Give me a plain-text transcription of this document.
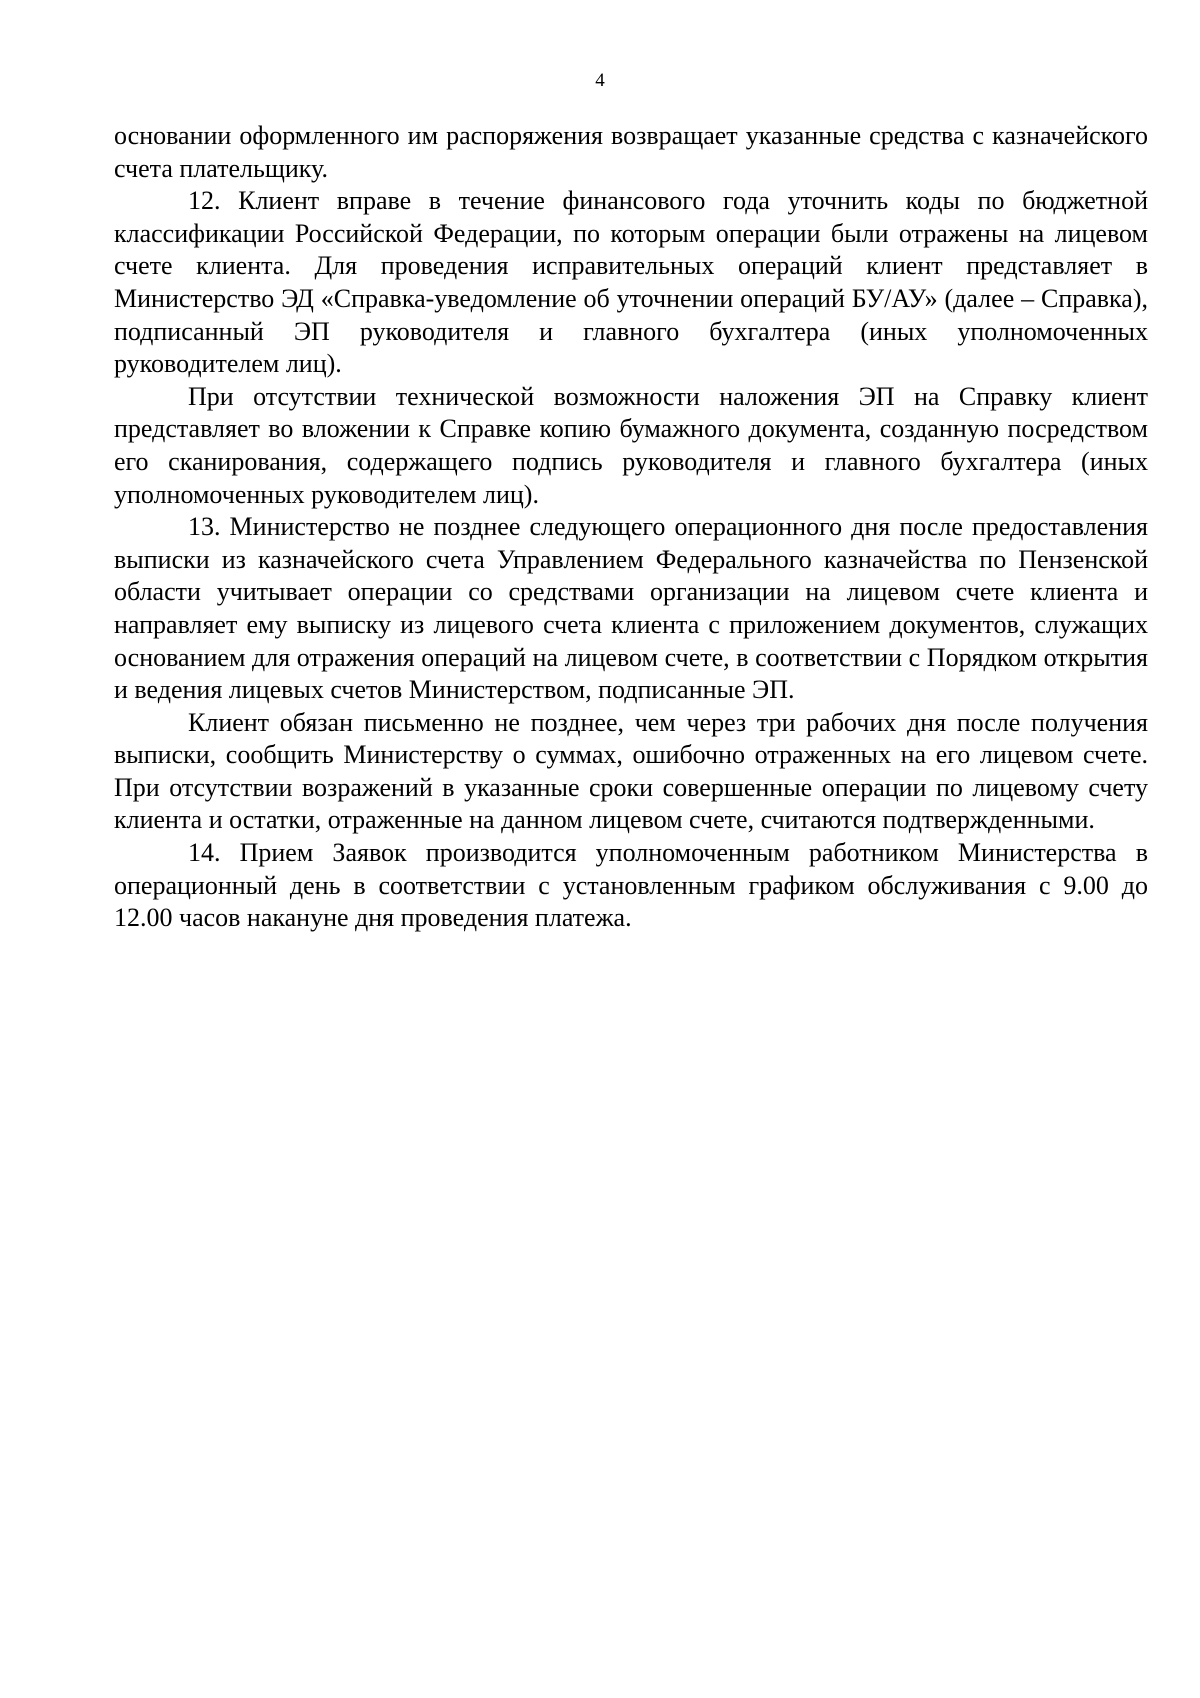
4

основании оформленного им распоряжения возвращает указанные средства с казначейского счета плательщику.

12. Клиент вправе в течение финансового года уточнить коды по бюджетной классификации Российской Федерации, по которым операции были отражены на лицевом счете клиента. Для проведения исправительных операций клиент представляет в Министерство ЭД «Справка-уведомление об уточнении операций БУ/АУ» (далее – Справка), подписанный ЭП руководителя и главного бухгалтера (иных уполномоченных руководителем лиц).

При отсутствии технической возможности наложения ЭП на Справку клиент представляет во вложении к Справке копию бумажного документа, созданную посредством его сканирования, содержащего подпись руководителя и главного бухгалтера (иных уполномоченных руководителем лиц).

13. Министерство не позднее следующего операционного дня после предоставления выписки из казначейского счета Управлением Федерального казначейства по Пензенской области учитывает операции со средствами организации на лицевом счете клиента и направляет ему выписку из лицевого счета клиента с приложением документов, служащих основанием для отражения операций на лицевом счете, в соответствии с Порядком открытия и ведения лицевых счетов Министерством, подписанные ЭП.

Клиент обязан письменно не позднее, чем через три рабочих дня после получения выписки, сообщить Министерству о суммах, ошибочно отраженных на его лицевом счете. При отсутствии возражений в указанные сроки совершенные операции по лицевому счету клиента и остатки, отраженные на данном лицевом счете, считаются подтвержденными.

14. Прием Заявок производится уполномоченным работником Министерства в операционный день в соответствии с установленным графиком обслуживания с 9.00 до 12.00 часов накануне дня проведения платежа.
